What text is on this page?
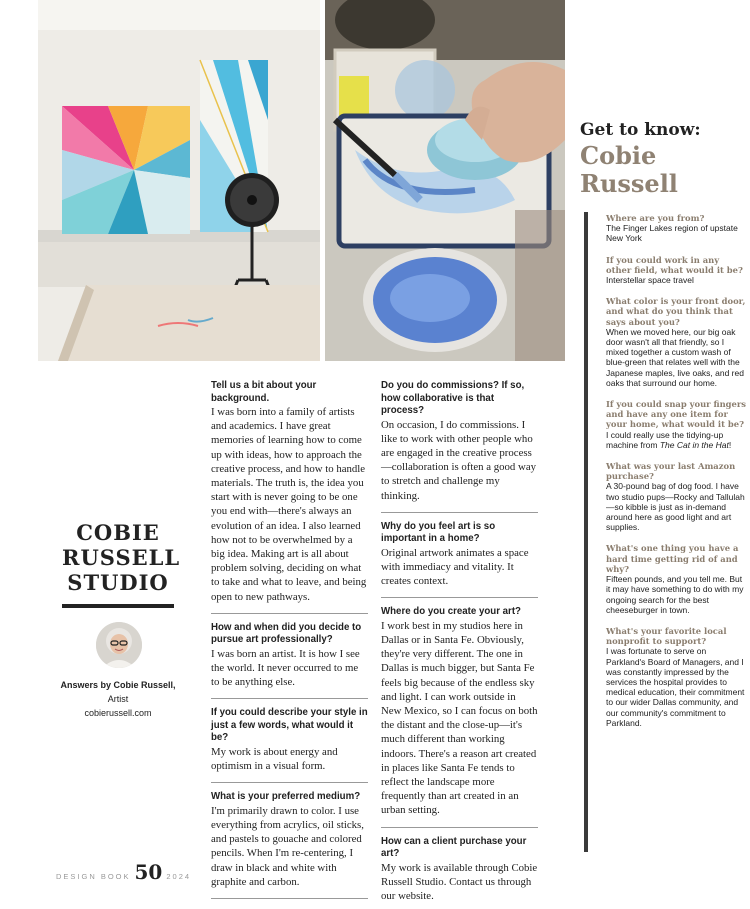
Get to know:
Cobie Russell
Where are you from?
The Finger Lakes region of upstate New York
If you could work in any other field, what would it be?
Interstellar space travel
What color is your front door, and what do you think that says about you?
When we moved here, our big oak door wasn't all that friendly, so I mixed together a custom wash of blue-green that relates well with the Japanese maples, live oaks, and red oaks that surround our home.
If you could snap your fingers and have any one item for your home, what would it be?
I could really use the tidying-up machine from The Cat in the Hat!
What was your last Amazon purchase?
A 30-pound bag of dog food. I have two studio pups—Rocky and Tallulah—so kibble is just as in-demand around here as good light and art supplies.
What's one thing you have a hard time getting rid of and why?
Fifteen pounds, and you tell me. But it may have something to do with my ongoing search for the best cheeseburger in town.
What's your favorite local nonprofit to support?
I was fortunate to serve on Parkland's Board of Managers, and I was constantly impressed by the services the hospital provides to medical education, their commitment to our wider Dallas community, and our community's commitment to Parkland.
COBIE
RUSSELL
STUDIO
Answers by Cobie Russell,
Artist
cobierussell.com
Tell us a bit about your background.
I was born into a family of artists and academics. I have great memories of learning how to come up with ideas, how to approach the creative process, and how to handle materials. The truth is, the idea you start with is never going to be one you end with—there's always an evolution of an idea. I also learned how not to be overwhelmed by a big idea. Making art is all about problem solving, deciding on what to take and what to leave, and being open to new pathways.
How and when did you decide to pursue art professionally?
I was born an artist. It is how I see the world. It never occurred to me to be anything else.
If you could describe your style in just a few words, what would it be?
My work is about energy and optimism in a visual form.
What is your preferred medium?
I'm primarily drawn to color. I use everything from acrylics, oil sticks, and pastels to gouache and colored pencils. When I'm re-centering, I draw in black and white with graphite and carbon.
Do you do commissions? If so, how collaborative is that process?
On occasion, I do commissions. I like to work with other people who are engaged in the creative process—collaboration is often a good way to stretch and challenge my thinking.
Why do you feel art is so important in a home?
Original artwork animates a space with immediacy and vitality. It creates context.
Where do you create your art?
I work best in my studios here in Dallas or in Santa Fe. Obviously, they're very different. The one in Dallas is much bigger, but Santa Fe feels big because of the endless sky and light. I can work outside in New Mexico, so I can focus on both the distant and the close-up—it's much different than working indoors. There's a reason art created in places like Santa Fe tends to reflect the landscape more frequently than art created in an urban setting.
How can a client purchase your art?
My work is available through Cobie Russell Studio. Contact us through our website.
DESIGN BOOK 50 2024
